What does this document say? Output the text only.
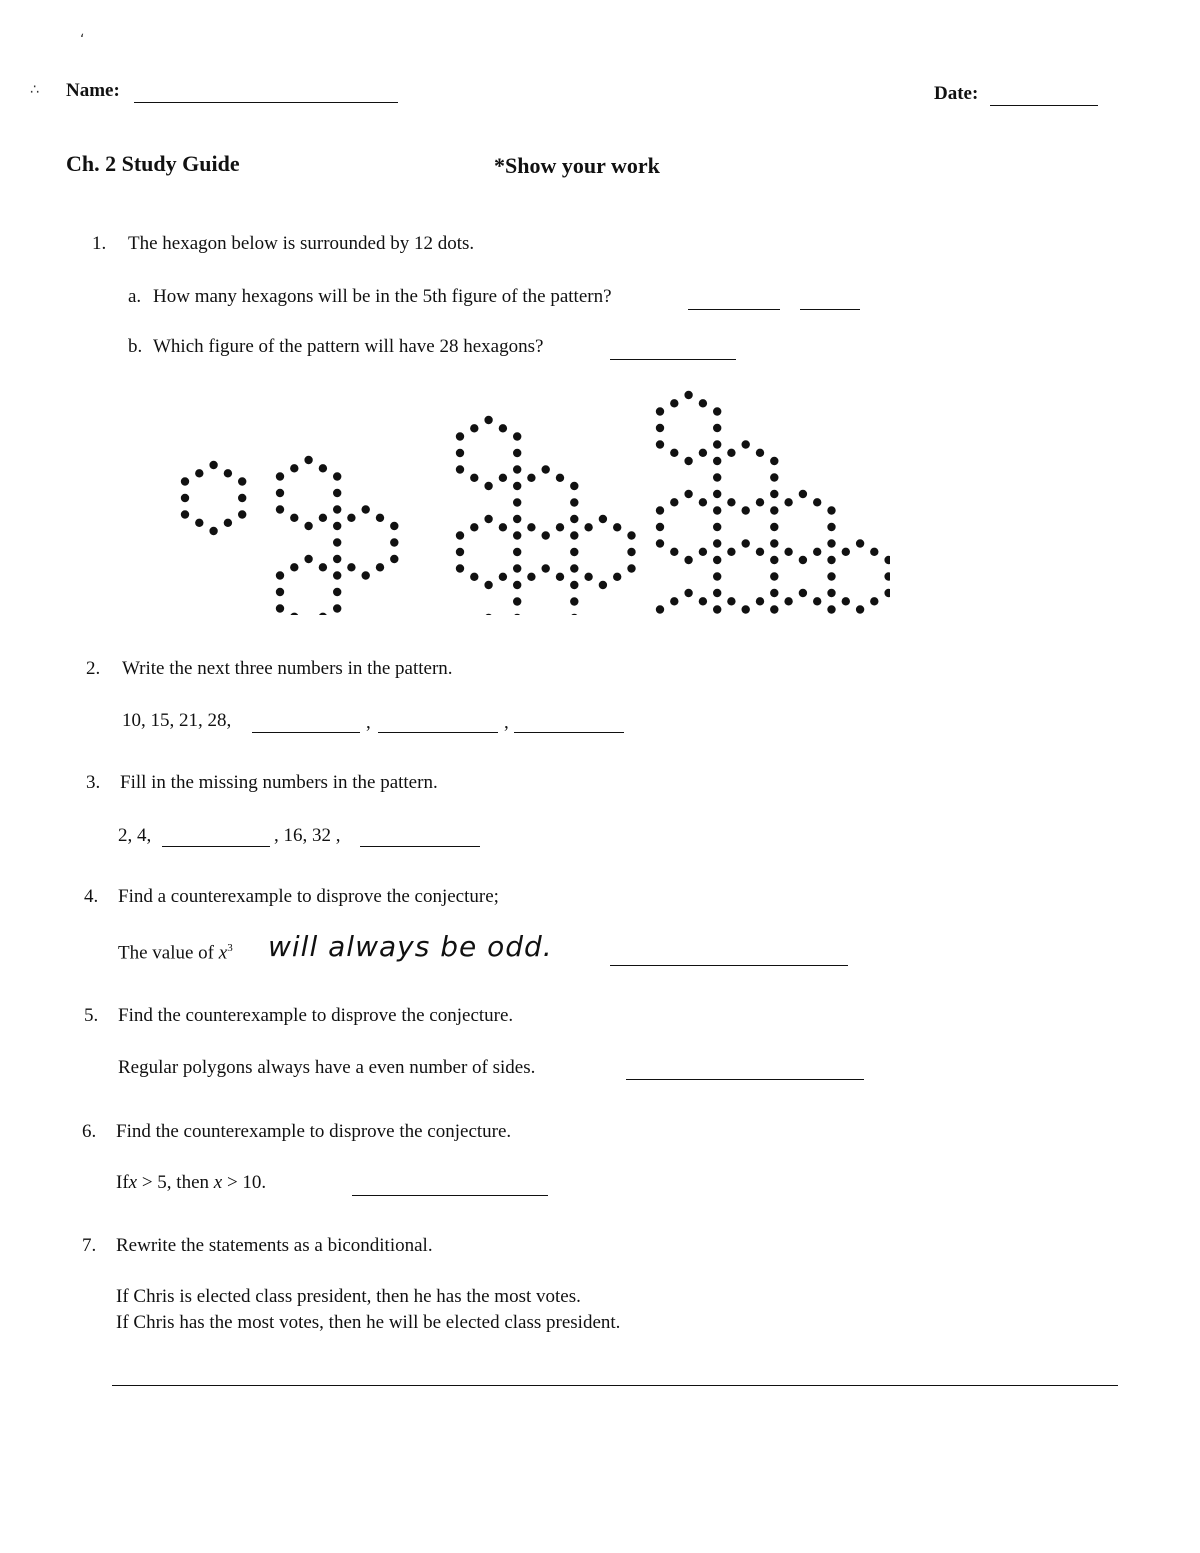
ʻ
∴ Name:	Date:
Ch. 2 Study Guide	*Show your work
1. The hexagon below is surrounded by 12 dots.
a. How many hexagons will be in the 5th figure of the pattern?
b. Which figure of the pattern will have 28 hexagons?
2. Write the next three numbers in the pattern.
10, 15, 21, 28,	,	,
3. Fill in the missing numbers in the pattern.
2, 4,	, 16, 32 ,
4. Find a counterexample to disprove the conjecture;
The value of $x^3$ will always be odd.
5. Find the counterexample to disprove the conjecture.
Regular polygons always have a even number of sides.
6. Find the counterexample to disprove the conjecture.
Ifx > 5, then x > 10.
7. Rewrite the statements as a biconditional.
If Chris is elected class president, then he has the most votes.
If Chris has the most votes, then he will be elected class president.
